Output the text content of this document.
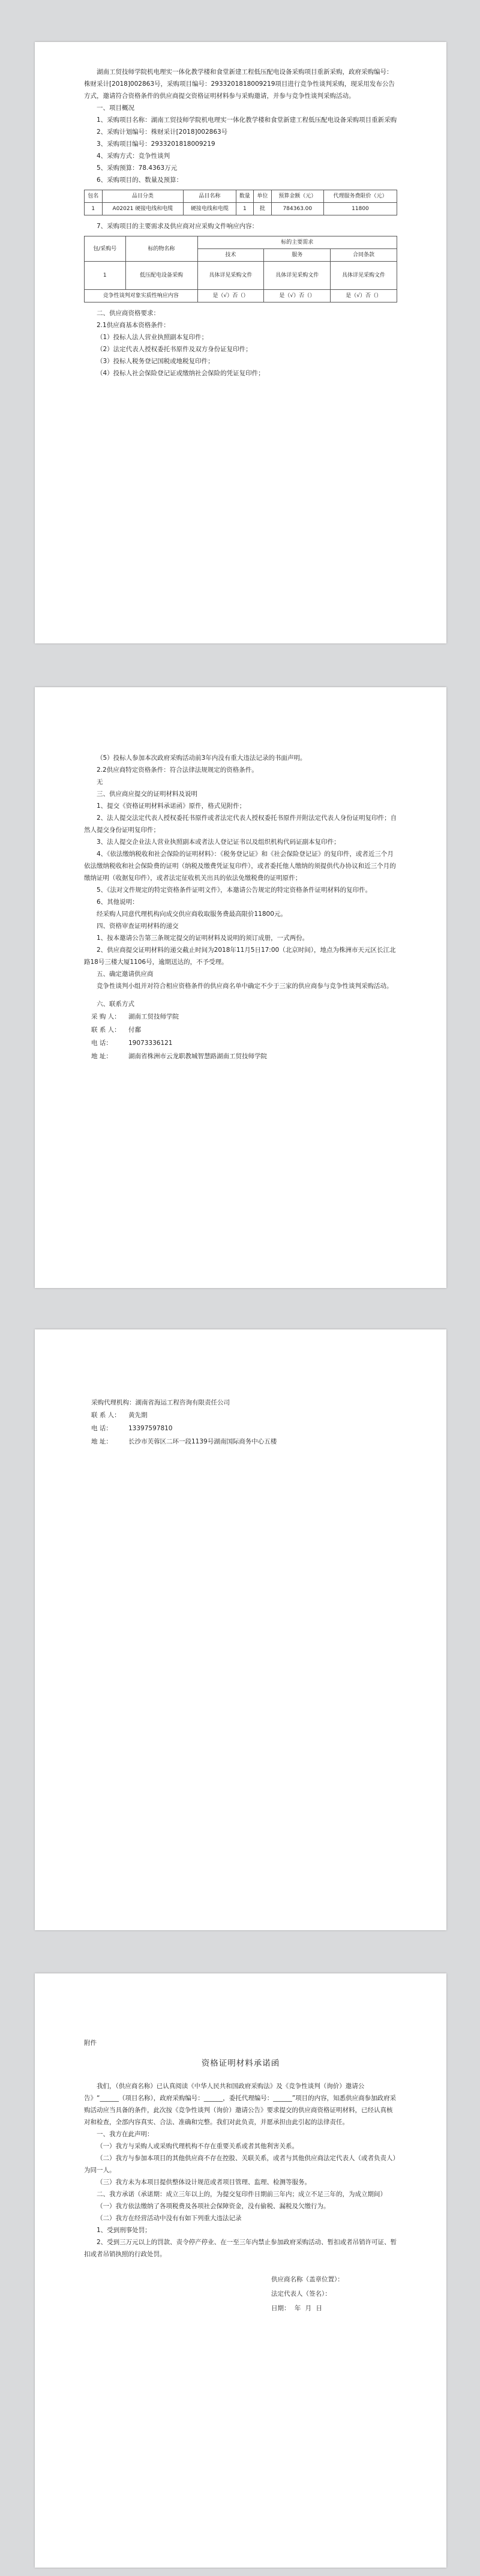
湖南工贸技师学院机电理实一体化教学楼和食堂新建工程低压配电设备采购项目重新采购，政府采购编号：株财采计[2018]002863号，采购项目编号：2933201818009219项目进行竞争性谈判采购，现采用发布公告方式，邀请符合资格条件的供应商提交资格证明材料参与采购邀请，并参与竞争性谈判采购活动。

一、项目概况

1、采购项目名称：湖南工贸技师学院机电理实一体化教学楼和食堂新建工程低压配电设备采购项目重新采购

2、采购计划编号：株财采计[2018]002863号

3、采购项目编号：2933201818009219

4、采购方式：竞争性谈判

5、采购预算：78.4363万元

6、采购项目的、数量及预算：

包名	品目分类	品目名称	数量	单位	预算金额（元）	代理服务费限价（元）
1	A02021 硬接电线和电缆	硬接电线和电缆	1	批	784363.00	11800

7、采购项目的主要需求及供应商对应采购文件响应内容：

包/采购号	标的物名称	标的主要需求		
		技术	服务	合同条款
1	低压配电设备采购	具体详见采购文件	具体详见采购文件	具体详见采购文件
竞争性谈判对象实质性响应内容		是（√）否（）	是（√）否（）	是（√）否（）

二、供应商资格要求：

2.1供应商基本资格条件：

（1）投标人法人营业执照副本复印件；

（2）法定代表人授权委托书原件及双方身份证复印件；

（3）投标人税务登记国税或地税复印件；

（4）投标人社会保险登记证或缴纳社会保险的凭证复印件；

（5）投标人参加本次政府采购活动前3年内没有重大违法记录的书面声明。

2.2供应商特定资格条件：符合法律法规规定的资格条件。

无

三、供应商应提交的证明材料及说明

1、提交《资格证明材料承诺函》原件，格式见附件；

2、法人提交法定代表人授权委托书原件或者法定代表人授权委托书原件并附法定代表人身份证明复印件；自然人提交身份证明复印件；

3、法人提交企业法人营业执照副本或者法人登记证书以及组织机构代码证副本复印件；

4、《依法缴纳税收和社会保险的证明材料》：《税务登记证》和《社会保险登记证》的复印件，或者近三个月依法缴纳税收和社会保险费的证明（纳税及缴费凭证复印件），或者委托他人缴纳的须提供代办协议和近三个月的缴纳证明（收据复印件），或者法定征收机关出具的依法免缴税费的证明原件；

5、《法对文件规定的特定资格条件证明文件》，本邀请公告规定的特定资格条件证明材料的复印件。

6、其他说明：

经采购人同意代理机构向成交供应商收取服务费最高限价11800元。

四、资格审查证明材料的递交

1、按本邀请公告第三条规定提交的证明材料及说明的须订成册，一式两份。

2、供应商提交证明材料的递交截止时间为2018年11月5日17:00（北京时间），地点为株洲市天元区长江北路18号三楼大厦1106号，逾期送达的，不予受理。

五、确定邀请供应商

竞争性谈判小组并对符合相应资格条件的供应商名单中确定不少于三家的供应商参与竞争性谈判采购活动。

六、联系方式

采 购 人：	湖南工贸技师学院
联 系 人：	付鄱
电 话：	19073336121
地 址：	湖南省株洲市云龙职教城智慧路湖南工贸技师学院

采购代理机构：湖南省海运工程咨询有限责任公司

联 系 人：	黄先期
电 话：	13397597810
地 址：	长沙市芙蓉区二环一段1139号湖南国际商务中心五楼

附件

资格证明材料承诺函

我们，（供应商名称）已认真阅读《中华人民共和国政府采购法》及《竞争性谈判（询价）邀请公告》“______（项目名称），政府采购编号：______，委托代理编号：______”项目的内容，知悉供应商参加政府采购活动应当具备的条件，此次按《竞争性谈判（询价）邀请公告》要求提交的供应商资格证明材料，已经认真核对和检查，全部内容真实、合法、准确和完整。我们对此负责，并愿承担由此引起的法律责任。

一、我方在此声明：

（一）我方与采购人或采购代理机构不存在重要关系或者其他利害关系。

（二）我方与参加本项目的其他供应商不存在控股、关联关系，或者与其他供应商法定代表人（或者负责人）为同一人。

（三）我方未为本项目提供整体设计规范或者项目管理、监理、检测等服务。

二、我方承诺（承诺期：成立三年以上的，为提交复印件日期前三年内；成立不足三年的，为成立期间）

（一）我方依法缴纳了各项税费及各项社会保障资金，没有偷税、漏税及欠缴行为。

（二）我方在经营活动中没有有如下列重大违法记录

1、受到刑事处罚；

2、受到三万元以上的罚款、责令停产停业、在一至三年内禁止参加政府采购活动、暂扣或者吊销许可证、暂扣或者吊销执照的行政处罚。

供应商名称（盖章位置）：

法定代表人（签名）：

日期： 年 月 日
